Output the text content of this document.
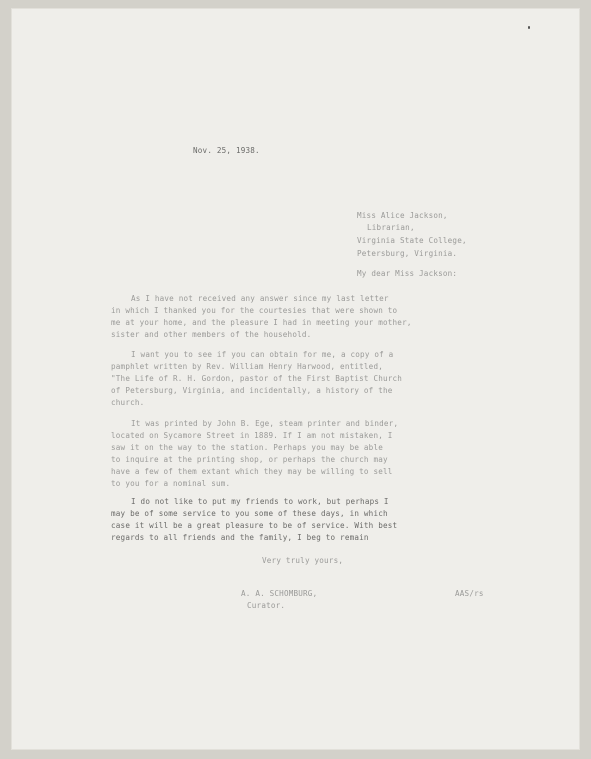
Nov. 25, 1938.
Miss Alice Jackson,
Librarian,
Virginia State College,
Petersburg, Virginia.
My dear Miss Jackson:
As I have not received any answer since my last letter
in which I thanked you for the courtesies that were shown to
me at your home, and the pleasure I had in meeting your mother,
sister and other members of the household.
I want you to see if you can obtain for me, a copy of a
pamphlet written by Rev. William Henry Harwood, entitled,
"The Life of R. H. Gordon, pastor of the First Baptist Church
of Petersburg, Virginia, and incidentally, a history of the
church.
It was printed by John B. Ege, steam printer and binder,
located on Sycamore Street in 1889. If I am not mistaken, I
saw it on the way to the station. Perhaps you may be able
to inquire at the printing shop, or perhaps the church may
have a few of them extant which they may be willing to sell
to you for a nominal sum.
I do not like to put my friends to work, but perhaps I
may be of some service to you some of these days, in which
case it will be a great pleasure to be of service. With best
regards to all friends and the family, I beg to remain
Very truly yours,
AAS/rs
A. A. SCHOMBURG,
Curator.
